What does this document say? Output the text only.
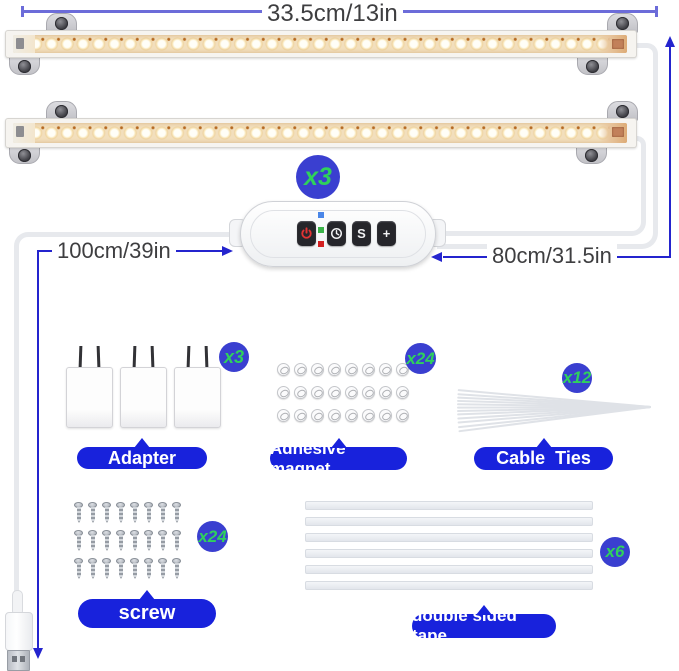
33.5cm/13in
x3
S	+
100cm/39in	80cm/31.5in
x3
Adapter
x24
Adhesive magnet
x12
Cable Ties
x24
screw
x6
double sided tape
